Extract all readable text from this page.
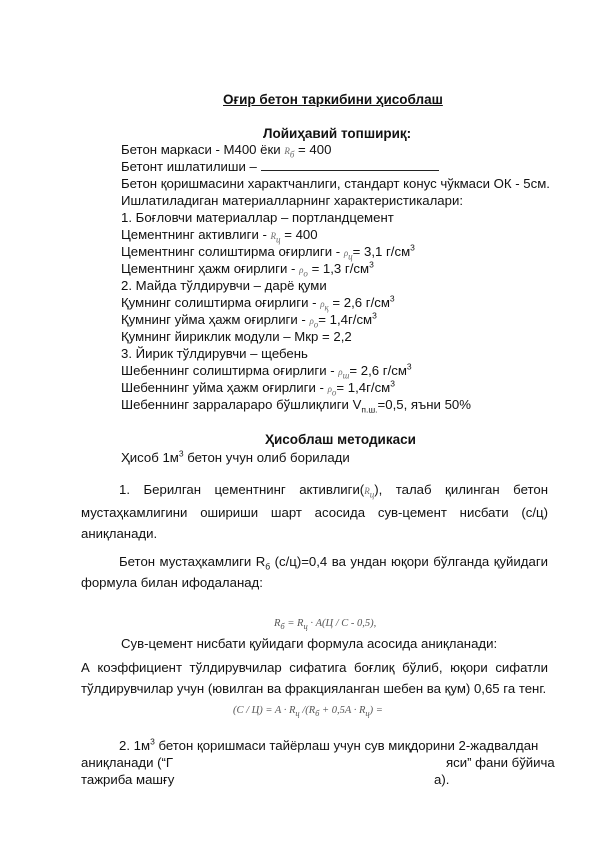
Оғир бетон таркибини ҳисоблаш
Лойиҳавий топшириқ:
Бетон маркаси - М400 ёки $R_б = 400$
Бетонт ишлатилиши –
Бетон қоришмасини характчанлиги, стандарт конус чўкмаси ОК - 5см.
Ишлатиладиган материалларнинг характеристикалари:
1. Боғловчи материаллар – портландцемент
Цементнинг активлиги - $R_ц = 400$
Цементнинг солиштирма оғирлиги - $\rho_ц= 3,1$ $г/см^3$
Цементнинг ҳажм оғирлиги - $\rho_о = 1,3$ $г/см^3$
2. Майда тўлдирувчи – дарё қуми
Қумнинг солиштирма оғирлиги - $\rho_қ = 2,6$ $г/см^3$
Қумнинг уйма ҳажм оғирлиги - $\rho_о= 1,4г/см^3$
Қумнинг йириклик модули – Мкр = 2,2
3. Йирик тўлдирувчи – щебень
Шебеннинг солиштирма оғирлиги - $\rho_ш= 2,6$ $г/см^3$
Шебеннинг уйма ҳажм оғирлиги - $\rho_о= 1,4г/см^3$
Шебеннинг зарралараро бўшлиқлиги $V_{п.ш.}=0,5$, яъни 50%
Ҳисоблаш методикаси
Ҳисоб $1м^3$ бетон учун олиб борилади
1. Берилган цементнинг $активлиги(R_ц)$, талаб қилинган бетон мустаҳкамлигини ошириши шарт асосида сув-цемент нисбати (с/ц) аниқланади.
Бетон мустаҳкамлиги $R_б$ (с/ц)=0,4 ва ундан юқори бўлганда қуйидаги формула билан ифодаланад:
$R_б = R_ц \cdot A(Ц / C - 0,5)$,
Сув-цемент нисбати қуйидаги формула асосида аниқланади:
А коэффициент тўлдирувчилар сифатига боғлиқ бўлиб, юқори сифатли тўлдирувчилар учун (ювилган ва фракцияланган шебен ва қум) 0,65 га тенг.
$(C / Ц) = A \cdot R_ц$ $/(R_б + 0,5A \cdot R_ц)$ =
2. $1м^3$ бетон қоришмаси тайёрлаш учун сув миқдорини 2-жадвалдан
аниқланади (“Г	яси” фани бўйича
тажриба машғу	а).
